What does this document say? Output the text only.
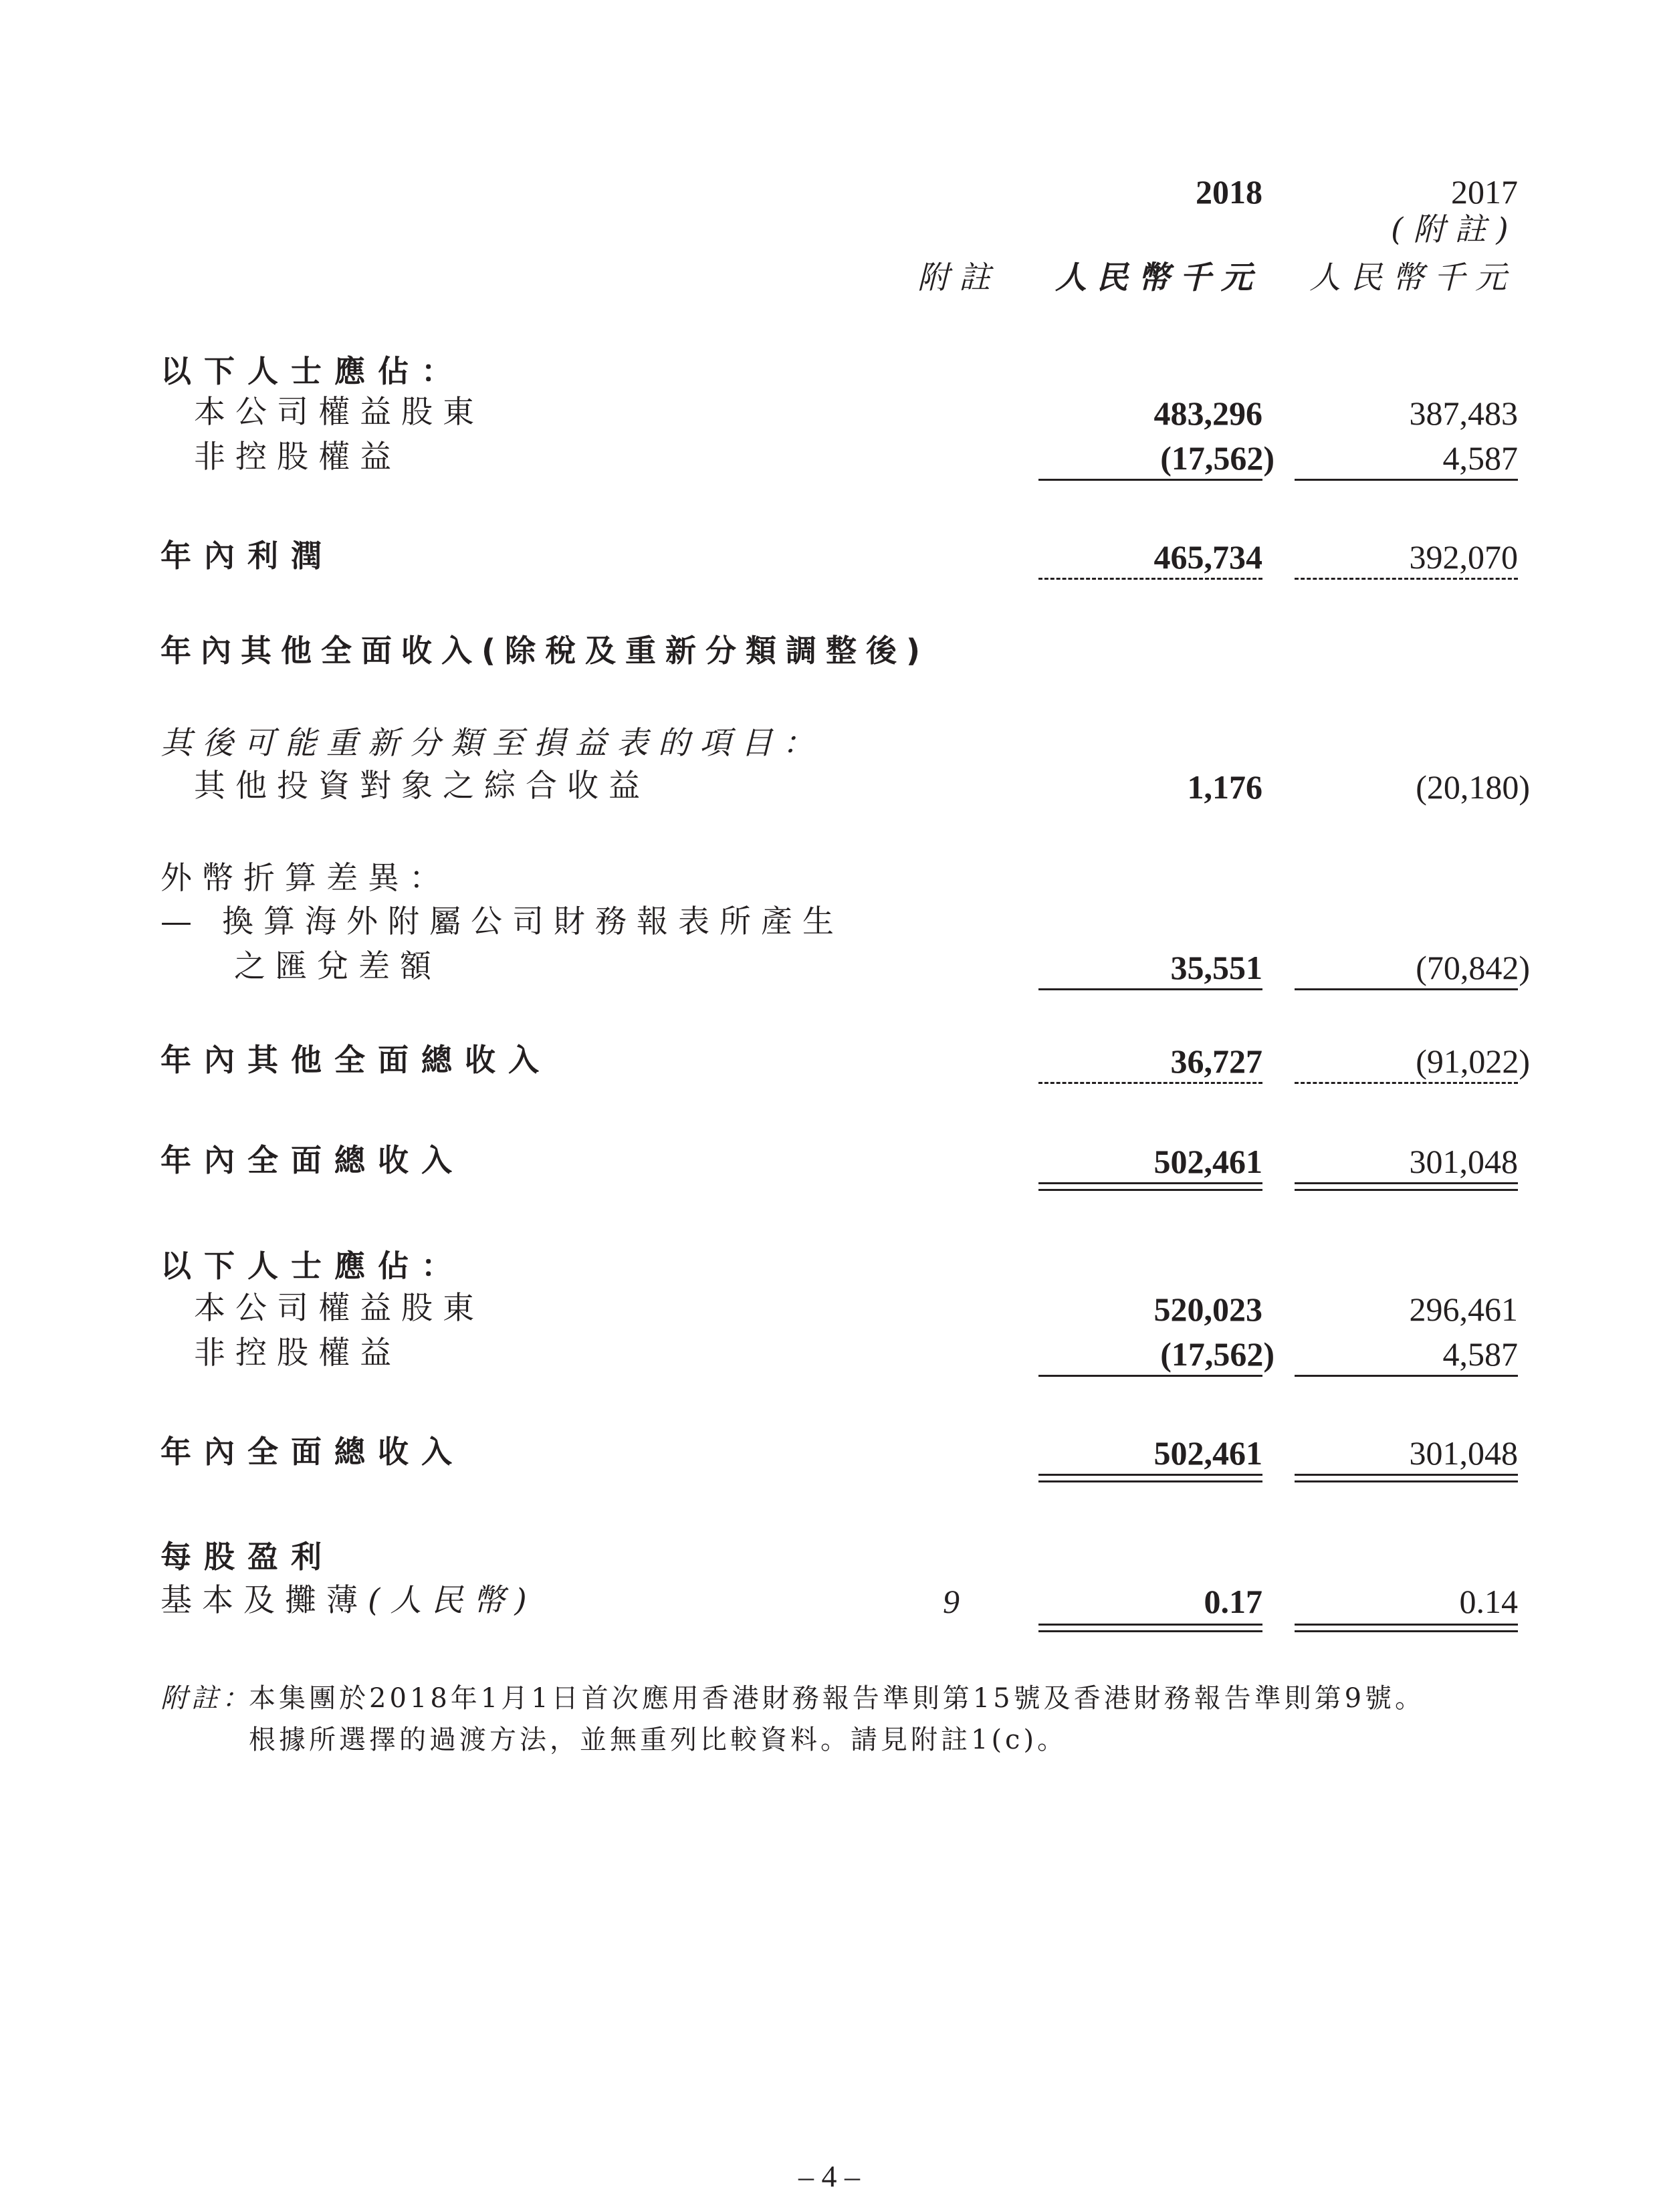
2018	2017
(附註)
附註 人民幣千元 人民幣千元
以下人士應佔：
本公司權益股東	483,296	387,483
非控股權益	(17,562)	4,587
年內利潤	465,734	392,070
年內其他全面收入(除稅及重新分類調整後)
其後可能重新分類至損益表的項目：
其他投資對象之綜合收益	1,176	(20,180)
外幣折算差異：
— 換算海外附屬公司財務報表所產生
之匯兌差額	35,551	(70,842)
年內其他全面總收入	36,727	(91,022)
年內全面總收入	502,461	301,048
以下人士應佔：
本公司權益股東	520,023	296,461
非控股權益	(17,562)	4,587
年內全面總收入	502,461	301,048
每股盈利
基本及攤薄(人民幣)	9	0.17	0.14
附註：
本集團於2018年1月1日首次應用香港財務報告準則第15號及香港財務報告準則第9號。
根據所選擇的過渡方法，並無重列比較資料。請見附註1(c)。
– 4 –
